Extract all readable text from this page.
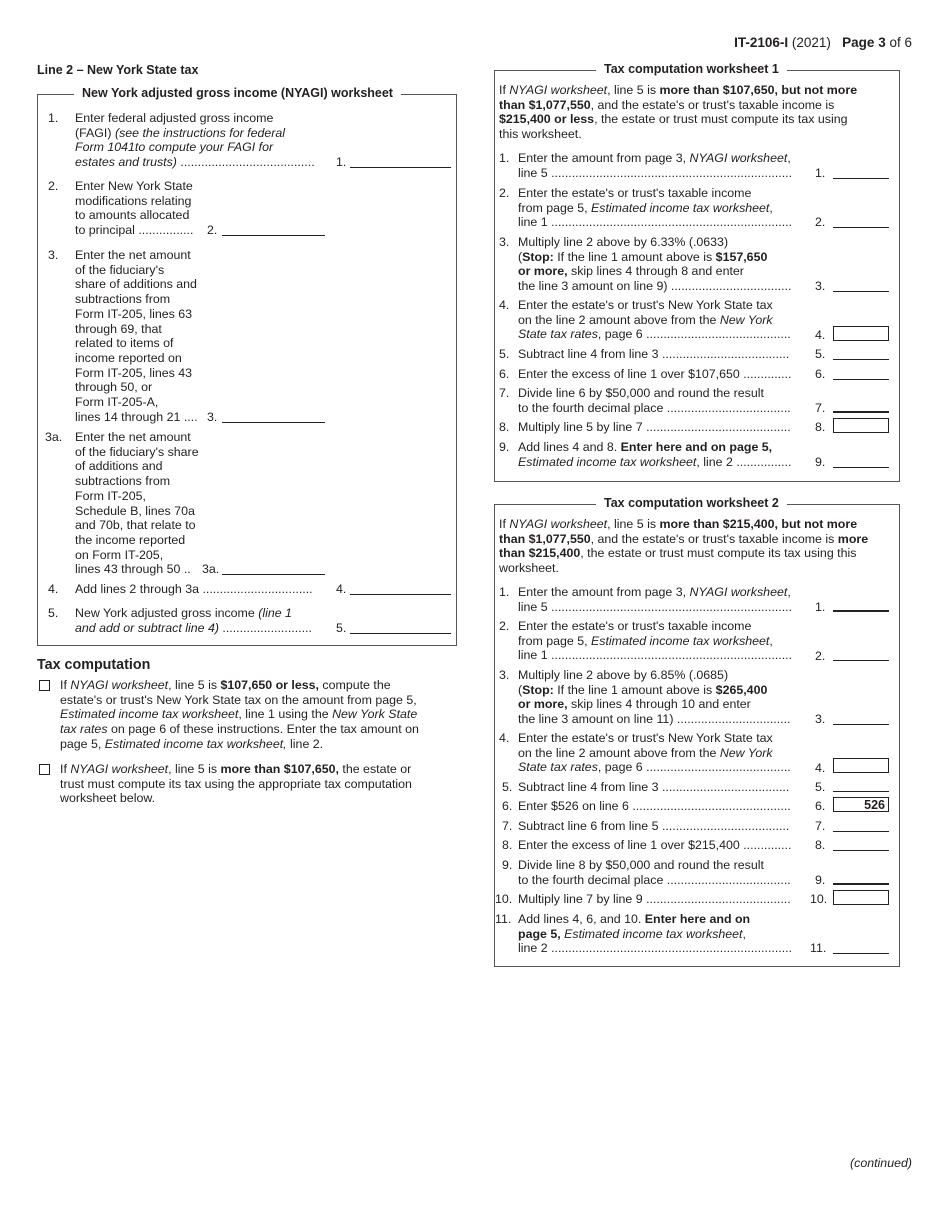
IT-2106-I (2021) Page 3 of 6
Line 2 – New York State tax
New York adjusted gross income (NYAGI) worksheet
1. Enter federal adjusted gross income
(FAGI) (see the instructions for federal
Form 1041to compute your FAGI for
estates and trusts) .......................................	1.
2. Enter New York State
modifications relating
to amounts allocated
to principal ................	2.
3. Enter the net amount
of the fiduciary's
share of additions and
subtractions from
Form IT-205, lines 63
through 69, that
related to items of
income reported on
Form IT-205, lines 43
through 50, or
Form IT-205-A,
lines 14 through 21 .... 3.
3a. Enter the net amount
of the fiduciary's share
of additions and
subtractions from
Form IT-205,
Schedule B, lines 70a
and 70b, that relate to
the income reported
on Form IT-205,
lines 43 through 50 .. 3a.
4. Add lines 2 through 3a ................................	4.
5. New York adjusted gross income (line 1
and add or subtract line 4) ..........................	5.
Tax computation
If NYAGI worksheet, line 5 is $107,650 or less, compute the
estate's or trust's New York State tax on the amount from page 5,
Estimated income tax worksheet, line 1 using the New York State
tax rates on page 6 of these instructions. Enter the tax amount on
page 5, Estimated income tax worksheet, line 2.
If NYAGI worksheet, line 5 is more than $107,650, the estate or
trust must compute its tax using the appropriate tax computation
worksheet below.
Tax computation worksheet 1
If NYAGI worksheet, line 5 is more than $107,650, but not more
than $1,077,550, and the estate's or trust's taxable income is
$215,400 or less, the estate or trust must compute its tax using
this worksheet.
1. Enter the amount from page 3, NYAGI worksheet,
line 5 ......................................................................	1.
2. Enter the estate's or trust's taxable income
from page 5, Estimated income tax worksheet,
line 1 ......................................................................	2.
3. Multiply line 2 above by 6.33% (.0633)
(Stop: If the line 1 amount above is $157,650
or more, skip lines 4 through 8 and enter
the line 3 amount on line 9) ...................................	3.
4. Enter the estate's or trust's New York State tax
on the line 2 amount above from the New York
State tax rates, page 6 ..........................................	4.
5. Subtract line 4 from line 3 .....................................	5.
6. Enter the excess of line 1 over $107,650 ..............	6.
7. Divide line 6 by $50,000 and round the result
to the fourth decimal place ....................................	7.
8. Multiply line 5 by line 7 ..........................................	8.
9. Add lines 4 and 8. Enter here and on page 5,
Estimated income tax worksheet, line 2 ................	9.
Tax computation worksheet 2
If NYAGI worksheet, line 5 is more than $215,400, but not more
than $1,077,550, and the estate's or trust's taxable income is more
than $215,400, the estate or trust must compute its tax using this
worksheet.
1. Enter the amount from page 3, NYAGI worksheet,
line 5 ......................................................................	1.
2. Enter the estate's or trust's taxable income
from page 5, Estimated income tax worksheet,
line 1 ......................................................................	2.
3. Multiply line 2 above by 6.85% (.0685)
(Stop: If the line 1 amount above is $265,400
or more, skip lines 4 through 10 and enter
the line 3 amount on line 11) .................................	3.
4. Enter the estate's or trust's New York State tax
on the line 2 amount above from the New York
State tax rates, page 6 ..........................................	4.
5. Subtract line 4 from line 3 .....................................	5.
6. Enter $526 on line 6 ..............................................	6.	526
7. Subtract line 6 from line 5 .....................................	7.
8. Enter the excess of line 1 over $215,400 ..............	8.
9. Divide line 8 by $50,000 and round the result
to the fourth decimal place ....................................	9.
10. Multiply line 7 by line 9 ..........................................	10.
11. Add lines 4, 6, and 10. Enter here and on
page 5, Estimated income tax worksheet,
line 2 ......................................................................	11.
(continued)
